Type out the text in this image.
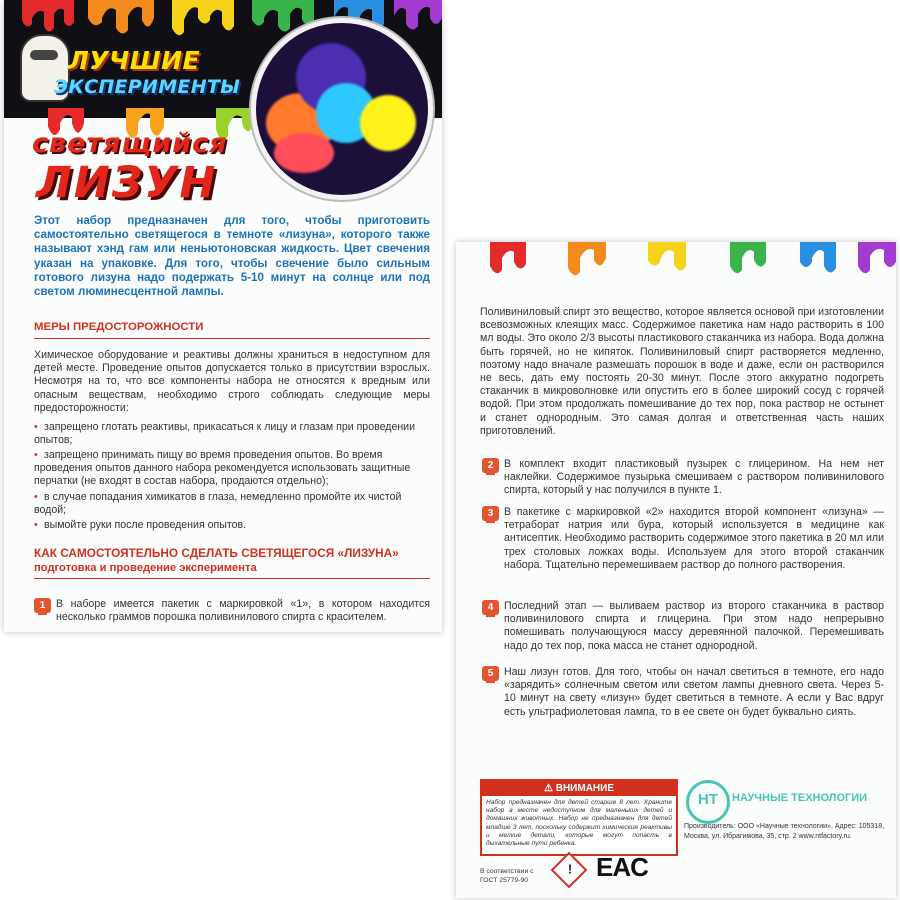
ЛУЧШИЕ
ЭКСПЕРИМЕНТЫ
светящийся
ЛИЗУН
Этот набор предназначен для того, чтобы приготовить самостоятельно светящегося в темноте «лизуна», которого также называют хэнд гам или неньютоновская жидкость. Цвет свечения указан на упаковке. Для того, чтобы свечение было сильным готового лизуна надо подержать 5-10 минут на солнце или под светом люминесцентной лампы.
МЕРЫ ПРЕДОСТОРОЖНОСТИ
Химическое оборудование и реактивы должны храниться в недоступном для детей месте. Проведение опытов допускается только в присутствии взрослых. Несмотря на то, что все компоненты набора не относятся к вредным или опасным веществам, необходимо строго соблюдать следующие меры предосторожности:
• запрещено глотать реактивы, прикасаться к лицу и глазам при проведении опытов;
• запрещено принимать пищу во время проведения опытов. Во время проведения опытов данного набора рекомендуется использовать защитные перчатки (не входят в состав набора, продаются отдельно);
• в случае попадания химикатов в глаза, немедленно промойте их чистой водой;
• вымойте руки после проведения опытов.
КАК САМОСТОЯТЕЛЬНО СДЕЛАТЬ СВЕТЯЩЕГОСЯ «ЛИЗУНА»
подготовка и проведение эксперимента
1	В наборе имеется пакетик с маркировкой «1», в котором находится несколько граммов порошка поливинилового спирта с красителем.
Поливиниловый спирт это вещество, которое является основой при изготовлении всевозможных клеящих масс. Содержимое пакетика нам надо растворить в 100 мл воды. Это около 2/3 высоты пластикового стаканчика из набора. Вода должна быть горячей, но не кипяток. Поливиниловый спирт растворяется медленно, поэтому надо вначале размешать порошок в воде и даже, если он растворился не весь, дать ему постоять 20-30 минут. После этого аккуратно подогреть стаканчик в микроволновке или опустить его в более широкий сосуд с горячей водой. При этом продолжать помешивание до тех пор, пока раствор не остынет и станет однородным. Это самая долгая и ответственная часть наших приготовлений.
2	В комплект входит пластиковый пузырек с глицерином. На нем нет наклейки. Содержимое пузырька смешиваем с раствором поливинилового спирта, который у нас получился в пункте 1.
3	В пакетике с маркировкой «2» находится второй компонент «лизуна» — тетраборат натрия или бура, который используется в медицине как антисептик. Необходимо растворить содержимое этого пакетика в 20 мл или трех столовых ложках воды. Используем для этого второй стаканчик набора. Тщательно перемешиваем раствор до полного растворения.
4	Последний этап — выливаем раствор из второго стаканчика в раствор поливинилового спирта и глицерина. При этом надо непрерывно помешивать получающуюся массу деревянной палочкой. Перемешивать надо до тех пор, пока масса не станет однородной.
5	Наш лизун готов. Для того, чтобы он начал светиться в темноте, его надо «зарядить» солнечным светом или светом лампы дневного света. Через 5-10 минут на свету «лизун» будет светиться в темноте. А если у Вас вдруг есть ультрафиолетовая лампа, то в ее свете он будет буквально сиять.
⚠ ВНИМАНИЕ
Набор предназначен для детей старше 8 лет. Храните набор в месте недоступном для маленьких детей и домашних животных. Набор не предназначен для детей младше 3 лет, поскольку содержит химические реактивы и мелкие детали, которые могут попасть в дыхательные пути ребенка.
НТ	НАУЧНЫЕ ТЕХНОЛОГИИ
Производитель: ООО «Научные технологии». Адрес: 105318, Москва, ул. Ибрагимова, 35, стр. 2 www.ntfactory.ru.
В соответствии с ГОСТ 25779-90
! EAC
